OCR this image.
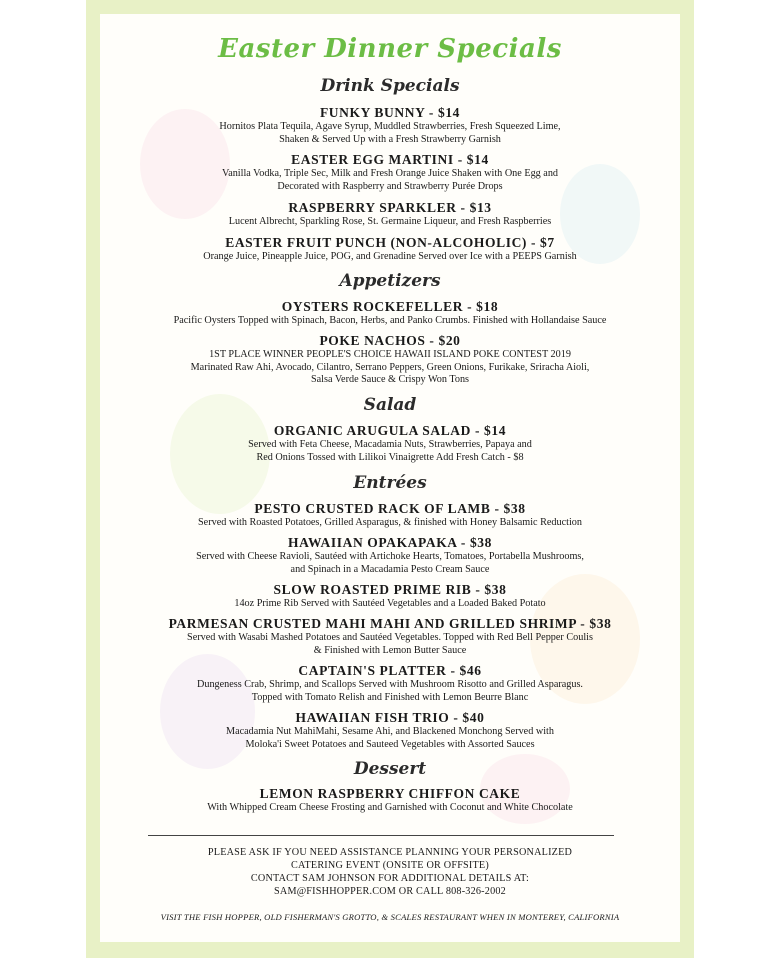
Easter Dinner Specials
Drink Specials
FUNKY BUNNY - $14
Hornitos Plata Tequila, Agave Syrup, Muddled Strawberries, Fresh Squeezed Lime,
Shaken & Served Up with a Fresh Strawberry Garnish
EASTER EGG MARTINI - $14
Vanilla Vodka, Triple Sec, Milk and Fresh Orange Juice Shaken with One Egg and
Decorated with Raspberry and Strawberry Purée Drops
RASPBERRY SPARKLER - $13
Lucent Albrecht, Sparkling Rose, St. Germaine Liqueur, and Fresh Raspberries
EASTER FRUIT PUNCH (NON-ALCOHOLIC) - $7
Orange Juice, Pineapple Juice, POG, and Grenadine Served over Ice with a PEEPS Garnish
Appetizers
OYSTERS ROCKEFELLER - $18
Pacific Oysters Topped with Spinach, Bacon, Herbs, and Panko Crumbs. Finished with Hollandaise Sauce
POKE NACHOS - $20
1ST PLACE WINNER PEOPLE'S CHOICE HAWAII ISLAND POKE CONTEST 2019
Marinated Raw Ahi, Avocado, Cilantro, Serrano Peppers, Green Onions, Furikake, Sriracha Aioli,
Salsa Verde Sauce & Crispy Won Tons
Salad
ORGANIC ARUGULA SALAD - $14
Served with Feta Cheese, Macadamia Nuts, Strawberries, Papaya and
Red Onions Tossed with Lilikoi Vinaigrette Add Fresh Catch - $8
Entrées
PESTO CRUSTED RACK OF LAMB - $38
Served with Roasted Potatoes, Grilled Asparagus, & finished with Honey Balsamic Reduction
HAWAIIAN OPAKAPAKA - $38
Served with Cheese Ravioli, Sautéed with Artichoke Hearts, Tomatoes, Portabella Mushrooms,
and Spinach in a Macadamia Pesto Cream Sauce
SLOW ROASTED PRIME RIB - $38
14oz Prime Rib Served with Sautéed Vegetables and a Loaded Baked Potato
PARMESAN CRUSTED MAHI MAHI AND GRILLED SHRIMP - $38
Served with Wasabi Mashed Potatoes and Sautéed Vegetables. Topped with Red Bell Pepper Coulis
& Finished with Lemon Butter Sauce
CAPTAIN'S PLATTER - $46
Dungeness Crab, Shrimp, and Scallops Served with Mushroom Risotto and Grilled Asparagus.
Topped with Tomato Relish and Finished with Lemon Beurre Blanc
HAWAIIAN FISH TRIO - $40
Macadamia Nut MahiMahi, Sesame Ahi, and Blackened Monchong Served with
Moloka'i Sweet Potatoes and Sauteed Vegetables with Assorted Sauces
Dessert
LEMON RASPBERRY CHIFFON CAKE
With Whipped Cream Cheese Frosting and Garnished with Coconut and White Chocolate
PLEASE ASK IF YOU NEED ASSISTANCE PLANNING YOUR PERSONALIZED
CATERING EVENT (ONSITE OR OFFSITE)
CONTACT SAM JOHNSON FOR ADDITIONAL DETAILS AT:
SAM@FISHHOPPER.COM OR CALL 808-326-2002
VISIT THE FISH HOPPER, OLD FISHERMAN'S GROTTO, & SCALES RESTAURANT WHEN IN MONTEREY, CALIFORNIA
